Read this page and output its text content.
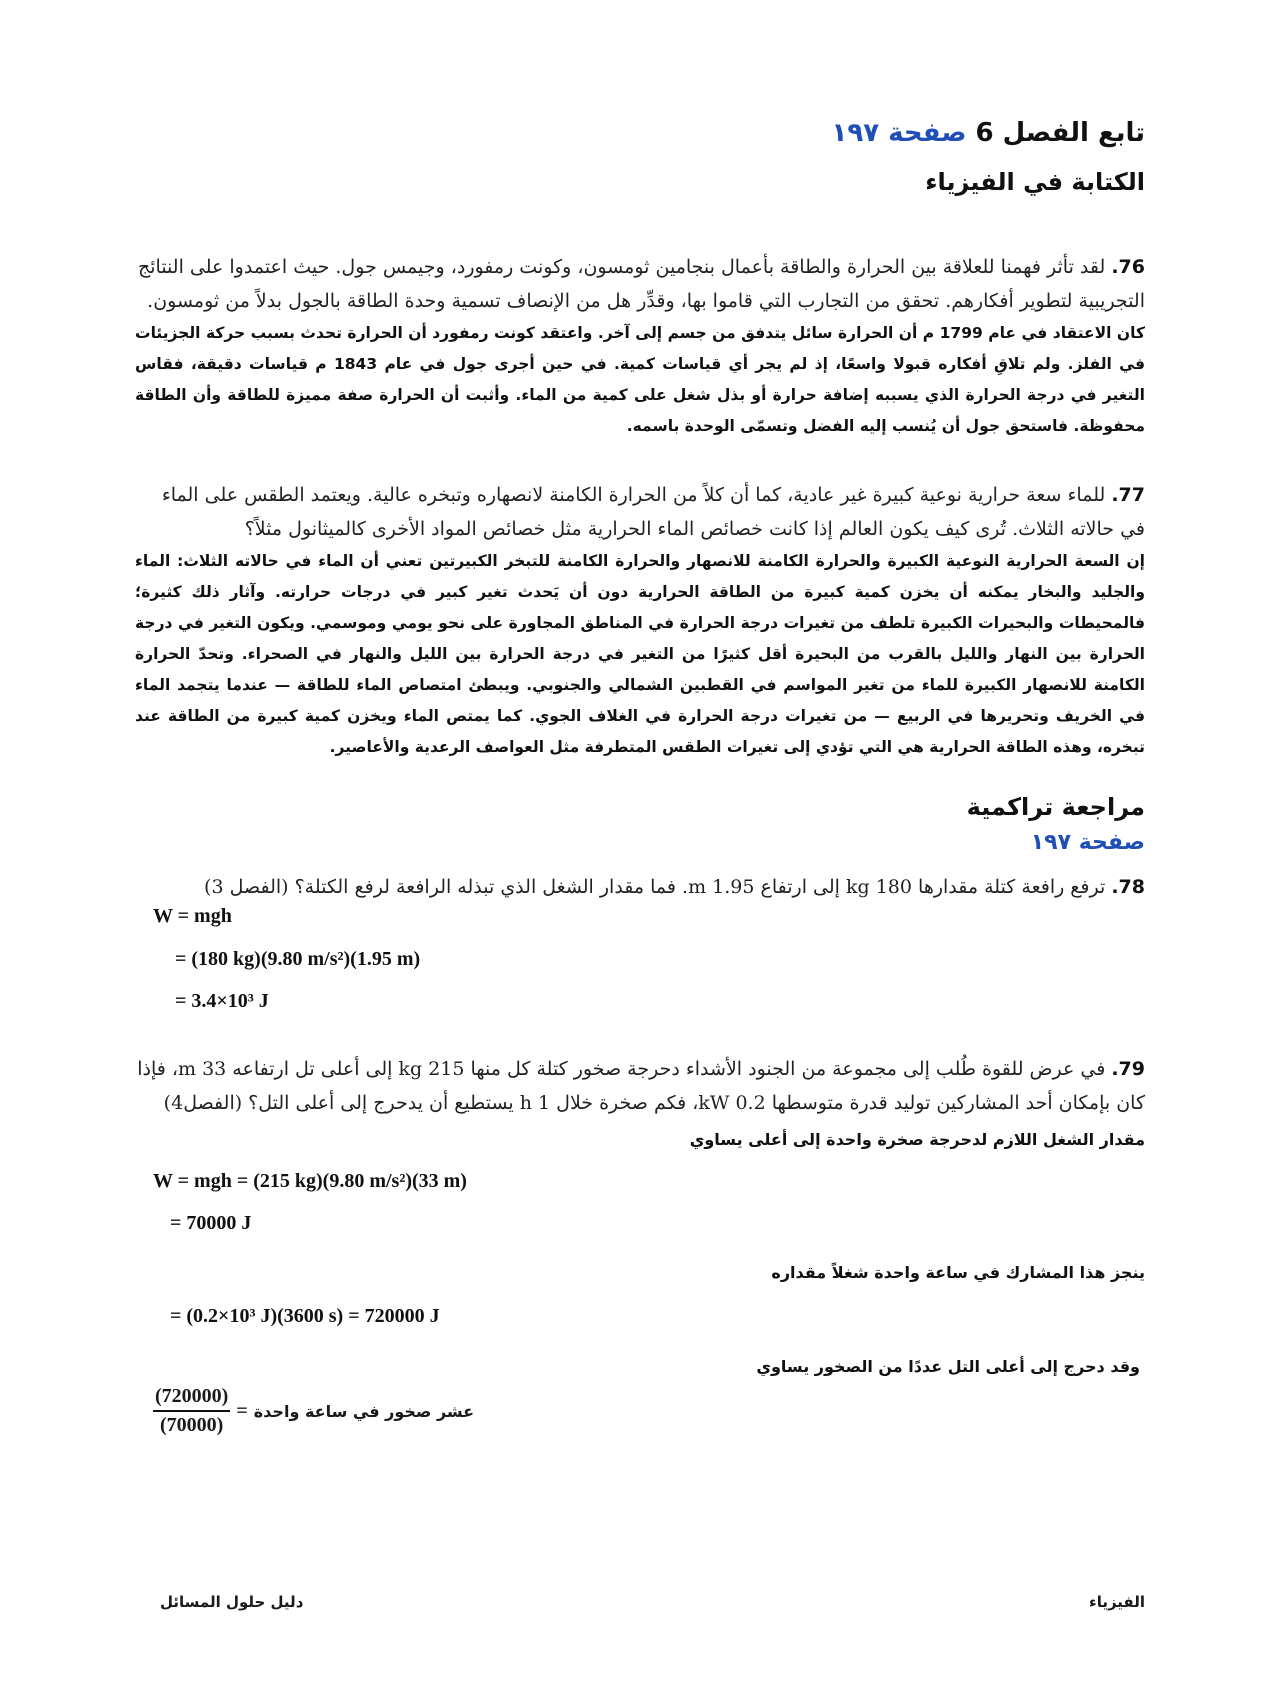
تابع الفصل 6 صفحة ١٩٧
الكتابة في الفيزياء
76. لقد تأثر فهمنا للعلاقة بين الحرارة والطاقة بأعمال بنجامين ثومسون، وكونت رمفورد، وجيمس جول. حيث اعتمدوا على النتائج التجريبية لتطوير أفكارهم. تحقق من التجارب التي قاموا بها، وقدِّر هل من الإنصاف تسمية وحدة الطاقة بالجول بدلاً من ثومسون.
كان الاعتقاد في عام 1799 م أن الحرارة سائل يتدفق من جسم إلى آخر. واعتقد كونت رمفورد أن الحرارة تحدث بسبب حركة الجزيئات في الفلز. ولم تلاقِ أفكاره قبولا واسعًا، إذ لم يجر أي قياسات كمية. في حين أجرى جول في عام 1843 م قياسات دقيقة، فقاس التغير في درجة الحرارة الذي يسببه إضافة حرارة أو بذل شغل على كمية من الماء. وأثبت أن الحرارة صفة مميزة للطاقة وأن الطاقة محفوظة. فاستحق جول أن يُنسب إليه الفضل وتسمّى الوحدة باسمه.
77. للماء سعة حرارية نوعية كبيرة غير عادية، كما أن كلاً من الحرارة الكامنة لانصهاره وتبخره عالية. ويعتمد الطقس على الماء في حالاته الثلاث. تُرى كيف يكون العالم إذا كانت خصائص الماء الحرارية مثل خصائص المواد الأخرى كالميثانول مثلاً؟
إن السعة الحرارية النوعية الكبيرة والحرارة الكامنة للانصهار والحرارة الكامنة للتبخر الكبيرتين تعني أن الماء في حالاته الثلاث: الماء والجليد والبخار يمكنه أن يخزن كمية كبيرة من الطاقة الحرارية دون أن يَحدث تغير كبير في درجات حرارته. وآثار ذلك كثيرة؛ فالمحيطات والبحيرات الكبيرة تلطف من تغيرات درجة الحرارة في المناطق المجاورة على نحو يومي وموسمي. ويكون التغير في درجة الحرارة بين النهار والليل بالقرب من البحيرة أقل كثيرًا من التغير في درجة الحرارة بين الليل والنهار في الصحراء. وتحدّ الحرارة الكامنة للانصهار الكبيرة للماء من تغير المواسم في القطبين الشمالي والجنوبي. ويبطئ امتصاص الماء للطاقة — عندما يتجمد الماء في الخريف وتحريرها في الربيع — من تغيرات درجة الحرارة في الغلاف الجوي. كما يمتص الماء ويخزن كمية كبيرة من الطاقة عند تبخره، وهذه الطاقة الحرارية هي التي تؤدي إلى تغيرات الطقس المتطرفة مثل العواصف الرعدية والأعاصير.
مراجعة تراكمية
صفحة ١٩٧
78. ترفع رافعة كتلة مقدارها 180 kg إلى ارتفاع 1.95 m. فما مقدار الشغل الذي تبذله الرافعة لرفع الكتلة؟ (الفصل 3)
W = mgh
= (180 kg)(9.80 m/s²)(1.95 m)
= 3.4×10³ J
79. في عرض للقوة طُلب إلى مجموعة من الجنود الأشداء دحرجة صخور كتلة كل منها 215 kg إلى أعلى تل ارتفاعه 33 m، فإذا كان بإمكان أحد المشاركين توليد قدرة متوسطها 0.2 kW، فكم صخرة خلال 1 h يستطيع أن يدحرج إلى أعلى التل؟ (الفصل4)
مقدار الشغل اللازم لدحرجة صخرة واحدة إلى أعلى يساوي
W = mgh = (215 kg)(9.80 m/s²)(33 m)
= 70000 J
ينجز هذا المشارك في ساعة واحدة شغلاً مقداره
= (0.2×10³ J)(3600 s) = 720000 J
وقد دحرج إلى أعلى التل عددًا من الصخور يساوي
$\frac{(720000)}{(70000)}$ = عشر صخور في ساعة واحدة
الفيزياء
دليل حلول المسائل
